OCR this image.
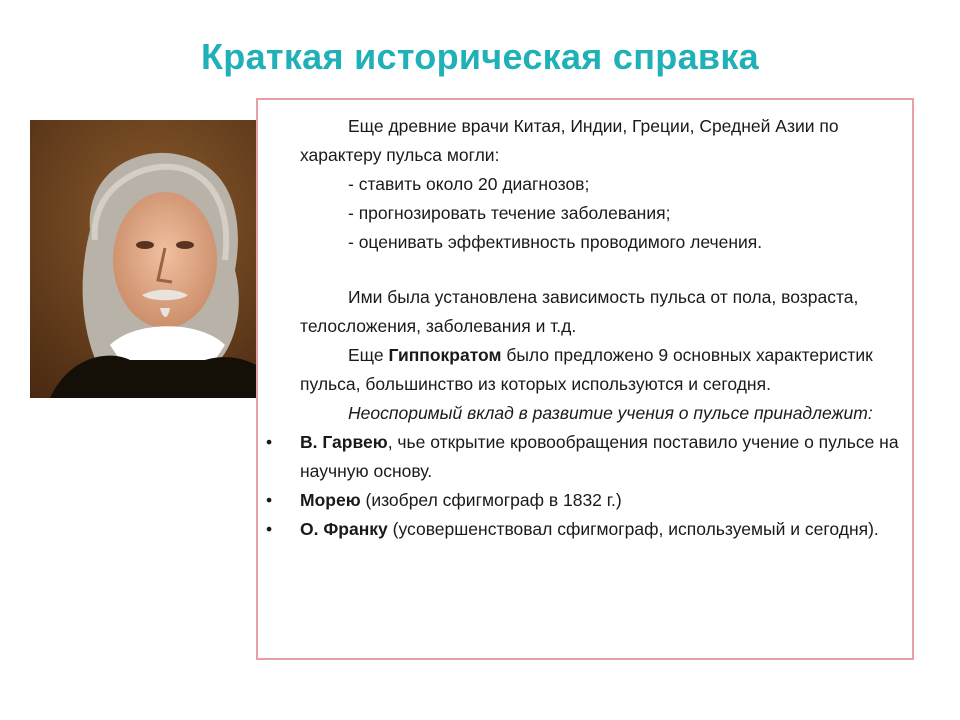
Краткая историческая справка

Еще древние врачи Китая, Индии, Греции, Средней Азии по характеру пульса могли:

- ставить около 20 диагнозов;

- прогнозировать течение заболевания;

- оценивать эффективность проводимого лечения.

Ими была установлена зависимость пульса от пола, возраста, телосложения, заболевания и т.д.

Еще Гиппократом было предложено 9 основных характеристик пульса, большинство из которых используются и сегодня.

Неоспоримый вклад в развитие учения о пульсе принадлежит:

• В. Гарвею, чье открытие кровообращения поставило учение о пульсе на научную основу.

• Морею (изобрел сфигмограф в 1832 г.)

• О. Франку (усовершенствовал сфигмограф, используемый и сегодня).
